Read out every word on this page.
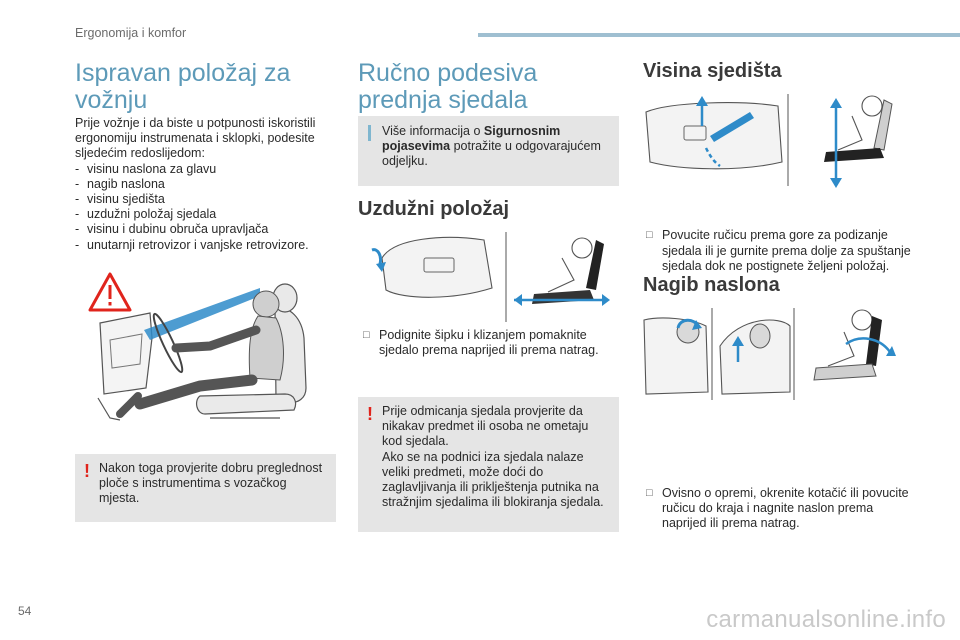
Ergonomija i komfor
Ispravan položaj za vožnju
Prije vožnje i da biste u potpunosti iskoristili ergonomiju instrumenata i sklopki, podesite sljedećim redoslijedom:
- visinu naslona za glavu
- nagib naslona
- visinu sjedišta
- uzdužni položaj sjedala
- visinu i dubinu obruča upravljača
- unutarnji retrovizor i vanjske retrovizore.
! Nakon toga provjerite dobru preglednost ploče s instrumentima s vozačkog mjesta.
Ručno podesiva prednja sjedala
Više informacija o Sigurnosnim pojasevima potražite u odgovarajućem odjeljku.
Uzdužni položaj
□ Podignite šipku i klizanjem pomaknite sjedalo prema naprijed ili prema natrag.
! Prije odmicanja sjedala provjerite da nikakav predmet ili osoba ne ometaju kod sjedala.
Ako se na podnici iza sjedala nalaze veliki predmeti, može doći do zaglavljivanja ili priklještenja putnika na stražnjim sjedalima ili blokiranja sjedala.
Visina sjedišta
□ Povucite ručicu prema gore za podizanje sjedala ili je gurnite prema dolje za spuštanje sjedala dok ne postignete željeni položaj.
Nagib naslona
□ Ovisno o opremi, okrenite kotačić ili povucite ručicu do kraja i nagnite naslon prema naprijed ili prema natrag.
54	carmanualsonline.info
